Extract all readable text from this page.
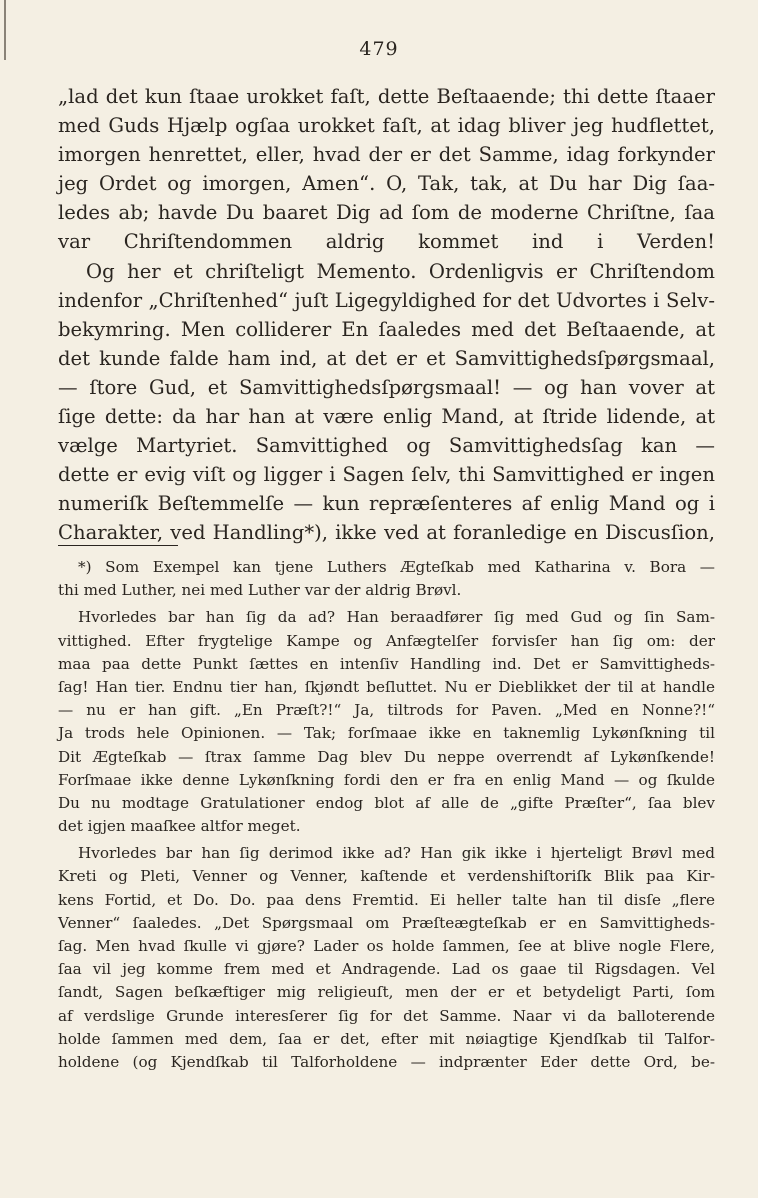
479
„lad det kun ſtaae urokket faſt, dette Beſtaaende; thi dette ſtaaer
med Guds Hjælp ogſaa urokket faſt, at idag bliver jeg hudflettet,
imorgen henrettet, eller, hvad der er det Samme, idag forkynder
jeg Ordet og imorgen, Amen“. O, Tak, tak, at Du har Dig ſaa-
ledes ab; havde Du baaret Dig ad ſom de moderne Chriſtne, ſaa
var Chriſtendommen aldrig kommet ind i Verden!
Og her et chriſteligt Memento. Ordenligvis er Chriſtendom
indenfor „Chriſtenhed“ juſt Ligegyldighed for det Udvortes i Selv-
bekymring. Men colliderer En ſaaledes med det Beſtaaende, at
det kunde falde ham ind, at det er et Samvittighedsſpørgsmaal,
— ſtore Gud, et Samvittighedsſpørgsmaal! — og han vover at
ſige dette: da har han at være enlig Mand, at ſtride lidende, at
vælge Martyriet. Samvittighed og Samvittighedsſag kan —
dette er evig viſt og ligger i Sagen ſelv, thi Samvittighed er ingen
numeriſk Beſtemmelſe — kun repræſenteres af enlig Mand og i
Charakter, ved Handling*), ikke ved at foranledige en Discusſion,
*) Som Exempel kan tjene Luthers Ægteſkab med Katharina v. Bora —
thi med Luther, nei med Luther var der aldrig Brøvl.
Hvorledes bar han ſig da ad? Han beraadfører ſig med Gud og ſin Sam-
vittighed. Efter frygtelige Kampe og Anfægtelſer forvisſer han ſig om: der
maa paa dette Punkt ſættes en intenſiv Handling ind. Det er Samvittigheds-
ſag! Han tier. Endnu tier han, ſkjøndt beſluttet. Nu er Dieblikket der til at handle
— nu er han gift. „En Præſt?!“ Ja, tiltrods for Paven. „Med en Nonne?!“
Ja trods hele Opinionen. — Tak; forſmaae ikke en taknemlig Lykønſkning til
Dit Ægteſkab — ſtrax ſamme Dag blev Du neppe overrendt af Lykønſkende!
Forſmaae ikke denne Lykønſkning fordi den er fra en enlig Mand — og ſkulde
Du nu modtage Gratulationer endog blot af alle de „gifte Præſter“, ſaa blev
det igjen maaſkee altfor meget.
Hvorledes bar han ſig derimod ikke ad? Han gik ikke i hjerteligt Brøvl med
Kreti og Pleti, Venner og Venner, kaſtende et verdenshiſtoriſk Blik paa Kir-
kens Fortid, et Do. Do. paa dens Fremtid. Ei heller talte han til disſe „flere
Venner“ ſaaledes. „Det Spørgsmaal om Præſteægteſkab er en Samvittigheds-
ſag. Men hvad ſkulle vi gjøre? Lader os holde ſammen, ſee at blive nogle Flere,
ſaa vil jeg komme frem med et Andragende. Lad os gaae til Rigsdagen. Vel
ſandt, Sagen beſkæftiger mig religieuſt, men der er et betydeligt Parti, ſom
af verdslige Grunde interesſerer ſig for det Samme. Naar vi da balloterende
holde ſammen med dem, ſaa er det, efter mit nøiagtige Kjendſkab til Talfor-
holdene (og Kjendſkab til Talforholdene — indprænter Eder dette Ord, be-
